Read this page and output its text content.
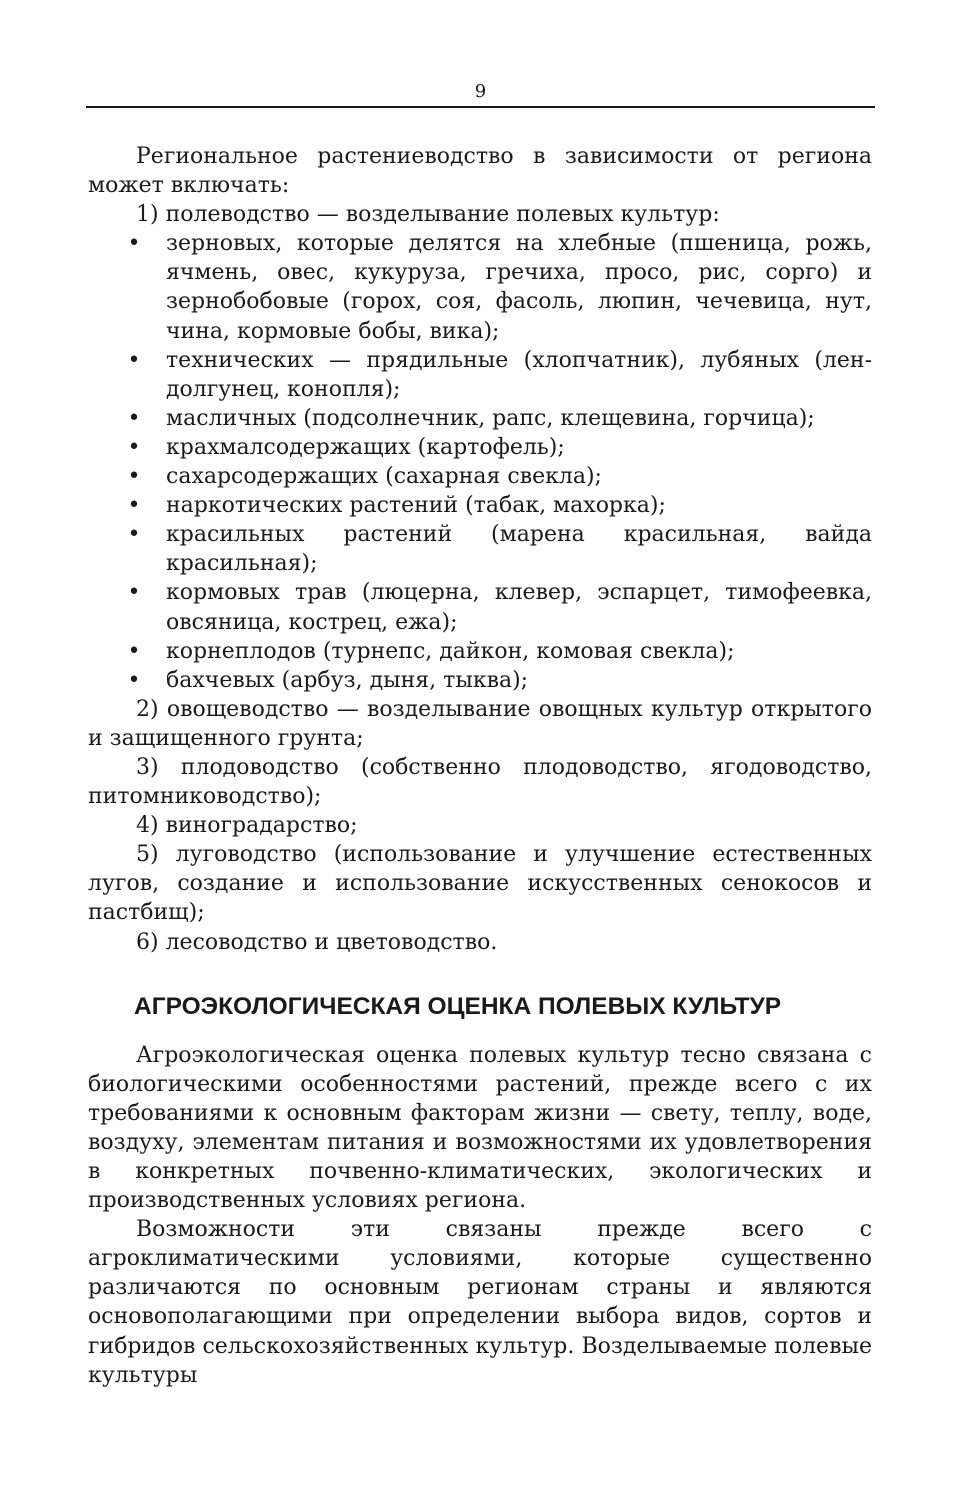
9

Региональное растениеводство в зависимости от региона может включать:

1) полеводство — возделывание полевых культур:

• зерновых, которые делятся на хлебные (пшеница, рожь, ячмень, овес, кукуруза, гречиха, просо, рис, сорго) и зернобобовые (горох, соя, фасоль, люпин, чечевица, нут, чина, кормовые бобы, вика);
• технических — прядильные (хлопчатник), лубяных (лен-долгунец, конопля);
• масличных (подсолнечник, рапс, клещевина, горчица);
• крахмалсодержащих (картофель);
• сахарсодержащих (сахарная свекла);
• наркотических растений (табак, махорка);
• красильных растений (марена красильная, вайда красильная);
• кормовых трав (люцерна, клевер, эспарцет, тимофеевка, овсяница, кострец, ежа);
• корнеплодов (турнепс, дайкон, комовая свекла);
• бахчевых (арбуз, дыня, тыква);

2) овощеводство — возделывание овощных культур открытого и защищенного грунта;

3) плодоводство (собственно плодоводство, ягодоводство, питомниководство);

4) виноградарство;

5) луговодство (использование и улучшение естественных лугов, создание и использование искусственных сенокосов и пастбищ);

6) лесоводство и цветоводство.

АГРОЭКОЛОГИЧЕСКАЯ ОЦЕНКА ПОЛЕВЫХ КУЛЬТУР

Агроэкологическая оценка полевых культур тесно связана с биологическими особенностями растений, прежде всего с их требованиями к основным факторам жизни — свету, теплу, воде, воздуху, элементам питания и возможностями их удовлетворения в конкретных почвенно-климатических, экологических и производственных условиях региона.

Возможности эти связаны прежде всего с агроклиматическими условиями, которые существенно различаются по основным регионам страны и являются основополагающими при определении выбора видов, сортов и гибридов сельскохозяйственных культур. Возделываемые полевые культуры
